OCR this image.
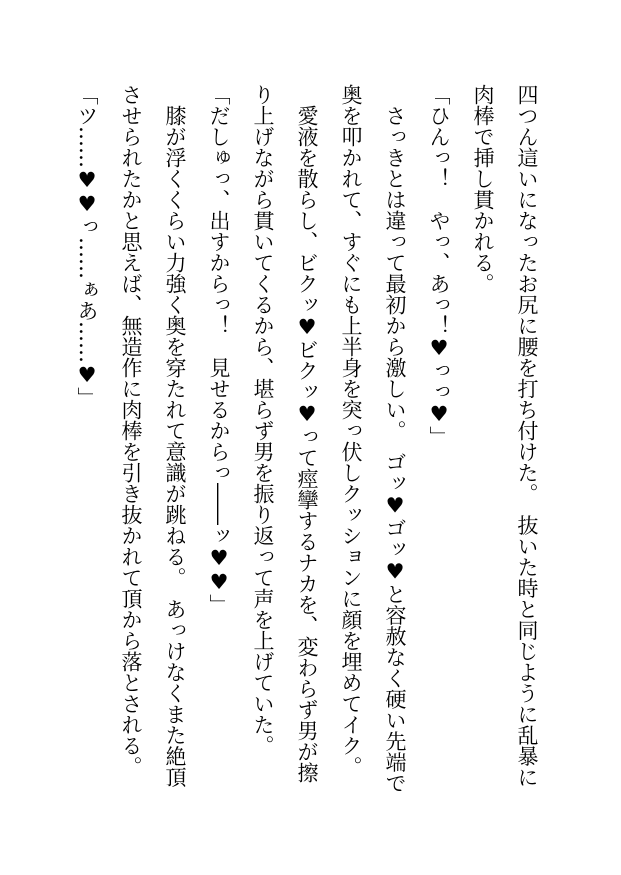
四つん這いになったお尻に腰を打ち付けた。　抜いた時と同じように乱暴に

肉棒で挿し貫かれる。

「ひんっ！　やっ、あっ！♥っっ♥」

　さっきとは違って最初から激しい。　ゴッ♥ゴッ♥と容赦なく硬い先端で

奥を叩かれて、すぐにも上半身を突っ伏しクッションに顔を埋めてイク。

　愛液を散らし、ビクッ♥ビクッ♥って痙攣するナカを、変わらず男が擦

り上げながら貫いてくるから、堪らず男を振り返って声を上げていた。

「だしゅっ、出すからっ！　見せるからっ――ッ♥♥」

　膝が浮くくらい力強く奥を穿たれて意識が跳ねる。　あっけなくまた絶頂

させられたかと思えば、無造作に肉棒を引き抜かれて頂から落とされる。

「ツ……♥♥っ……ぁあ……♥」
